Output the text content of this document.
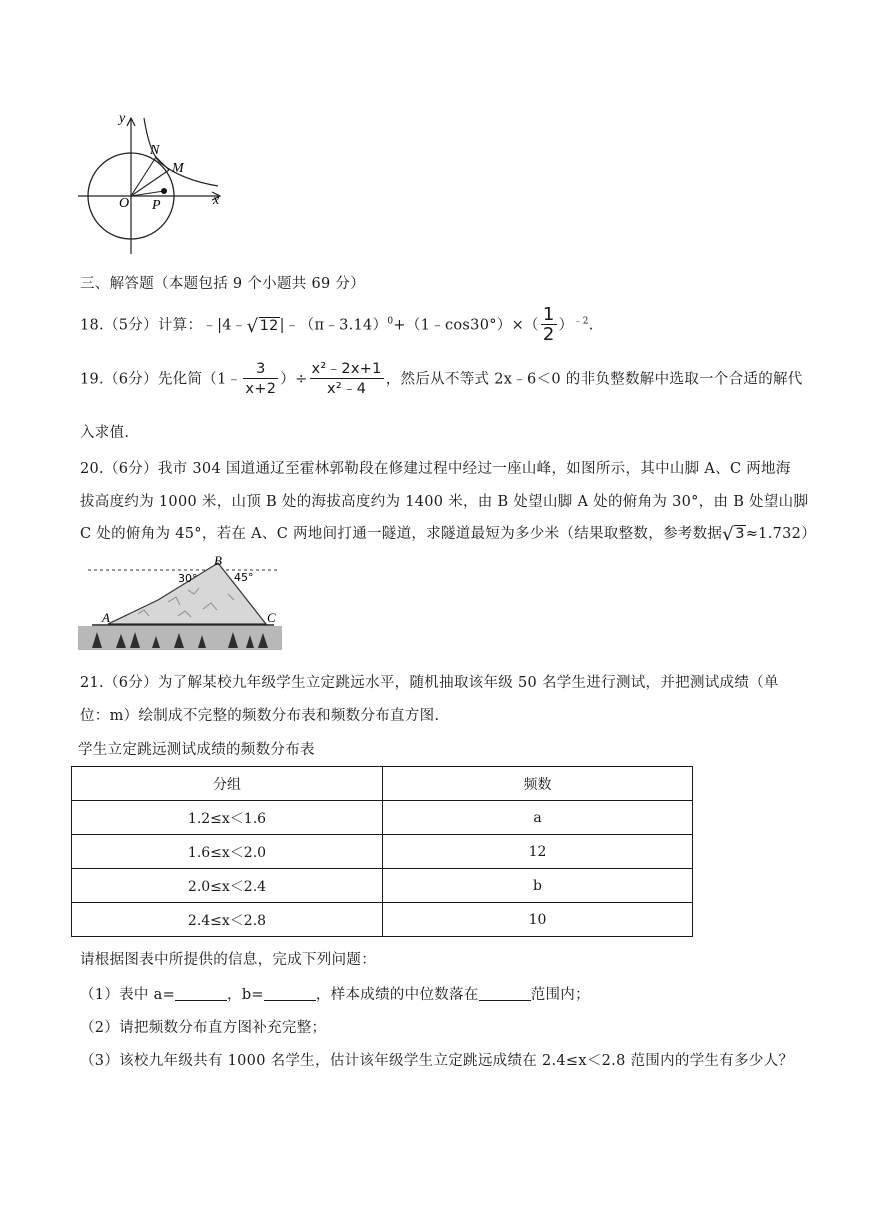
y
x
O P
N
M
三、解答题（本题包括 9 个小题共 69 分）
18.（5分）计算：﹣|4﹣ √ 12|﹣（π﹣3.14）$^0$+（1﹣cos30°）×（ $\frac{1}{2} )^{﹣2}$.
19.（6分）先化简（1﹣ $\frac{3}{x+2}$ ）÷ $\frac{\text{x²﹣2x+1}}{\text{x²﹣4}}$ ，然后从不等式 2x﹣6＜0 的非负整数解中选取一个合适的解代
入求值.
20.（6分）我市 304 国道通辽至霍林郭勒段在修建过程中经过一座山峰，如图所示，其中山脚 A、C 两地海
拔高度约为 1000 米，山顶 B 处的海拔高度约为 1400 米，由 B 处望山脚 A 处的俯角为 30°，由 B 处望山脚
C 处的俯角为 45°，若在 A、C 两地间打通一隧道，求隧道最短为多少米（结果取整数，参考数据 √ 3≈1.732）
B
A	C
30°	45°
21.（6分）为了解某校九年级学生立定跳远水平，随机抽取该年级 50 名学生进行测试，并把测试成绩（单
位：m）绘制成不完整的频数分布表和频数分布直方图.
学生立定跳远测试成绩的频数分布表
分组	频数
1.2≤x＜1.6	a
1.6≤x＜2.0	12
2.0≤x＜2.4	b
2.4≤x＜2.8	10
请根据图表中所提供的信息，完成下列问题：
（1）表中 a=	，b=	，样本成绩的中位数落在	范围内；
（2）请把频数分布直方图补充完整；
（3）该校九年级共有 1000 名学生，估计该年级学生立定跳远成绩在 2.4≤x＜2.8 范围内的学生有多少人？
